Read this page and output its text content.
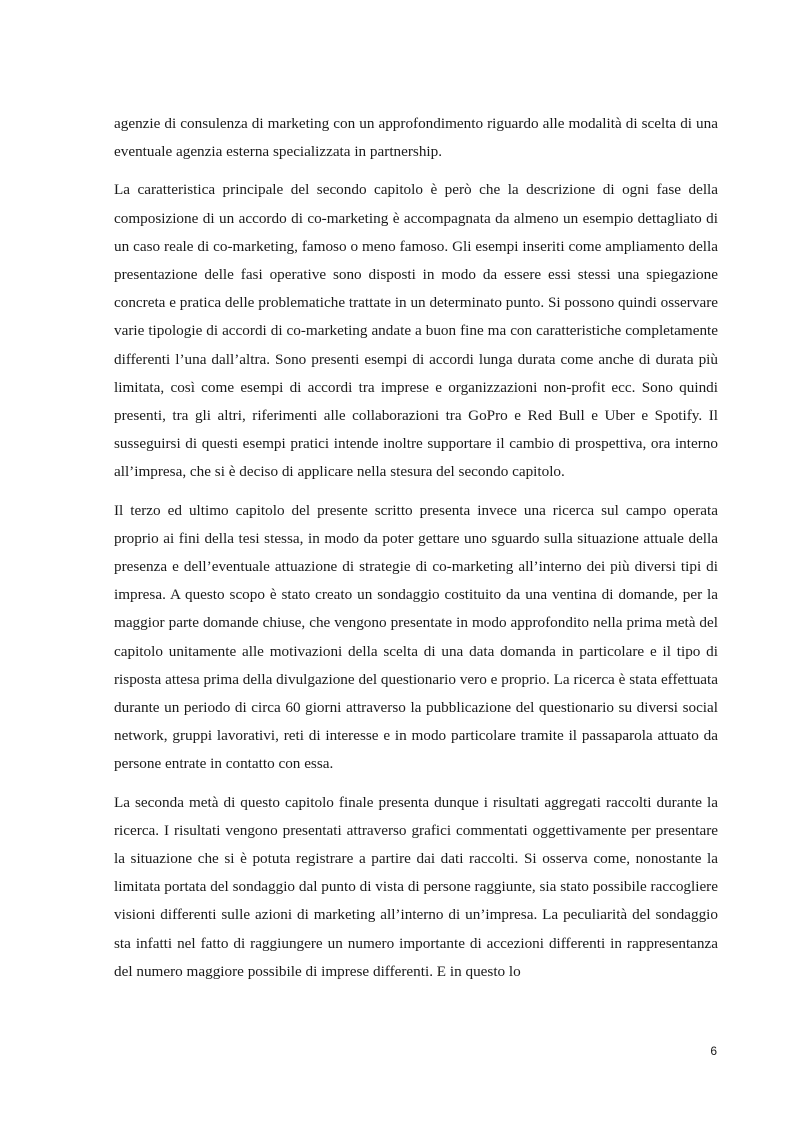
agenzie di consulenza di marketing con un approfondimento riguardo alle modalità di scelta di una eventuale agenzia esterna specializzata in partnership.

La caratteristica principale del secondo capitolo è però che la descrizione di ogni fase della composizione di un accordo di co-marketing è accompagnata da almeno un esempio dettagliato di un caso reale di co-marketing, famoso o meno famoso. Gli esempi inseriti come ampliamento della presentazione delle fasi operative sono disposti in modo da essere essi stessi una spiegazione concreta e pratica delle problematiche trattate in un determinato punto. Si possono quindi osservare varie tipologie di accordi di co-marketing andate a buon fine ma con caratteristiche completamente differenti l’una dall’altra. Sono presenti esempi di accordi lunga durata come anche di durata più limitata, così come esempi di accordi tra imprese e organizzazioni non-profit ecc. Sono quindi presenti, tra gli altri, riferimenti alle collaborazioni tra GoPro e Red Bull e Uber e Spotify. Il susseguirsi di questi esempi pratici intende inoltre supportare il cambio di prospettiva, ora interno all’impresa, che si è deciso di applicare nella stesura del secondo capitolo.

Il terzo ed ultimo capitolo del presente scritto presenta invece una ricerca sul campo operata proprio ai fini della tesi stessa, in modo da poter gettare uno sguardo sulla situazione attuale della presenza e dell’eventuale attuazione di strategie di co-marketing all’interno dei più diversi tipi di impresa. A questo scopo è stato creato un sondaggio costituito da una ventina di domande, per la maggior parte domande chiuse, che vengono presentate in modo approfondito nella prima metà del capitolo unitamente alle motivazioni della scelta di una data domanda in particolare e il tipo di risposta attesa prima della divulgazione del questionario vero e proprio. La ricerca è stata effettuata durante un periodo di circa 60 giorni attraverso la pubblicazione del questionario su diversi social network, gruppi lavorativi, reti di interesse e in modo particolare tramite il passaparola attuato da persone entrate in contatto con essa.

La seconda metà di questo capitolo finale presenta dunque i risultati aggregati raccolti durante la ricerca. I risultati vengono presentati attraverso grafici commentati oggettivamente per presentare la situazione che si è potuta registrare a partire dai dati raccolti. Si osserva come, nonostante la limitata portata del sondaggio dal punto di vista di persone raggiunte, sia stato possibile raccogliere visioni differenti sulle azioni di marketing all’interno di un’impresa. La peculiarità del sondaggio sta infatti nel fatto di raggiungere un numero importante di accezioni differenti in rappresentanza del numero maggiore possibile di imprese differenti. E in questo lo

6
